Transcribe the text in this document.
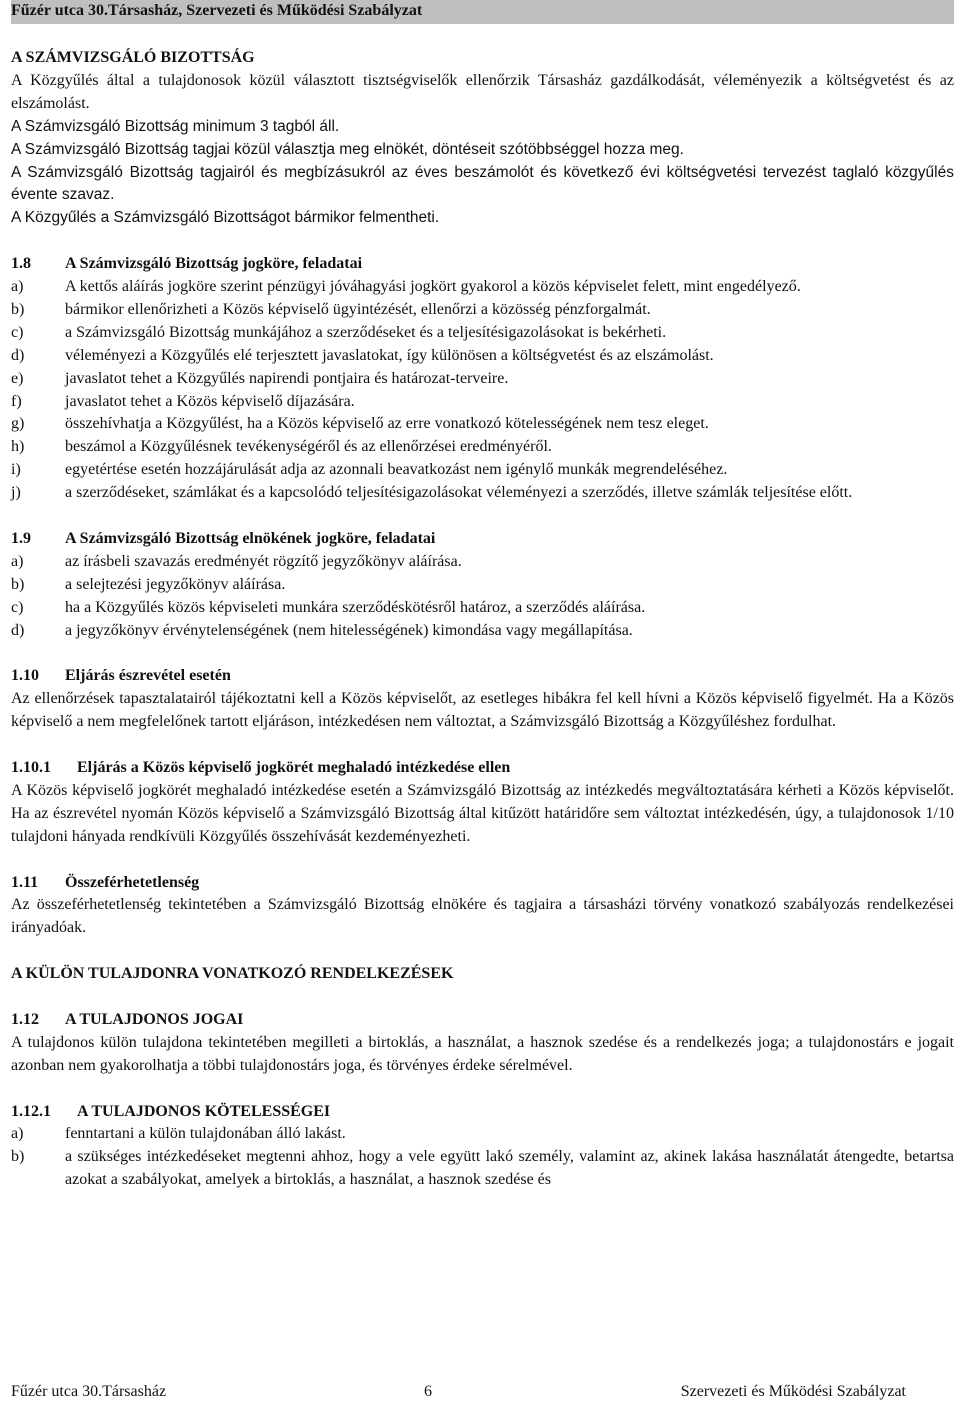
Fűzér utca 30.Társasház, Szervezeti és Működési Szabályzat

A SZÁMVIZSGÁLÓ BIZOTTSÁG

A Közgyűlés által a tulajdonosok közül választott tisztségviselők ellenőrzik Társasház gazdálkodását, véleményezik a költségvetést és az elszámolást.

A Számvizsgáló Bizottság minimum 3 tagból áll.

A Számvizsgáló Bizottság tagjai közül választja meg elnökét, döntéseit szótöbbséggel hozza meg.

A Számvizsgáló Bizottság tagjairól és megbízásukról az éves beszámolót és következő évi költségvetési tervezést taglaló közgyűlés évente szavaz.

A Közgyűlés a Számvizsgáló Bizottságot bármikor felmentheti.

1.8	A Számvizsgáló Bizottság jogköre, feladatai
a)	A kettős aláírás jogköre szerint pénzügyi jóváhagyási jogkört gyakorol a közös képviselet felett, mint engedélyező.
b)	bármikor ellenőrizheti a Közös képviselő ügyintézését, ellenőrzi a közösség pénzforgalmát.
c)	a Számvizsgáló Bizottság munkájához a szerződéseket és a teljesítésigazolásokat is bekérheti.
d)	véleményezi a Közgyűlés elé terjesztett javaslatokat, így különösen a költségvetést és az elszámolást.
e)	javaslatot tehet a Közgyűlés napirendi pontjaira és határozat-terveire.
f)	javaslatot tehet a Közös képviselő díjazására.
g)	összehívhatja a Közgyűlést, ha a Közös képviselő az erre vonatkozó kötelességének nem tesz eleget.
h)	beszámol a Közgyűlésnek tevékenységéről és az ellenőrzései eredményéről.
i)	egyetértése esetén hozzájárulását adja az azonnali beavatkozást nem igénylő munkák megrendeléséhez.
j)	a szerződéseket, számlákat és a kapcsolódó teljesítésigazolásokat véleményezi a szerződés, illetve számlák teljesítése előtt.
1.9	A Számvizsgáló Bizottság elnökének jogköre, feladatai
a)	az írásbeli szavazás eredményét rögzítő jegyzőkönyv aláírása.
b)	a selejtezési jegyzőkönyv aláírása.
c)	ha a Közgyűlés közös képviseleti munkára szerződéskötésről határoz, a szerződés aláírása.
d)	a jegyzőkönyv érvénytelenségének (nem hitelességének) kimondása vagy megállapítása.
1.10	Eljárás észrevétel esetén

Az ellenőrzések tapasztalatairól tájékoztatni kell a Közös képviselőt, az esetleges hibákra fel kell hívni a Közös képviselő figyelmét. Ha a Közös képviselő a nem megfelelőnek tartott eljáráson, intézkedésen nem változtat, a Számvizsgáló Bizottság a Közgyűléshez fordulhat.

1.10.1	Eljárás a Közös képviselő jogkörét meghaladó intézkedése ellen

A Közös képviselő jogkörét meghaladó intézkedése esetén a Számvizsgáló Bizottság az intézkedés megváltoztatására kérheti a Közös képviselőt. Ha az észrevétel nyomán Közös képviselő a Számvizsgáló Bizottság által kitűzött határidőre sem változtat intézkedésén, úgy, a tulajdonosok 1/10 tulajdoni hányada rendkívüli Közgyűlés összehívását kezdeményezheti.

1.11	Összeférhetetlenség

Az összeférhetetlenség tekintetében a Számvizsgáló Bizottság elnökére és tagjaira a társasházi törvény vonatkozó szabályozás rendelkezései irányadóak.

A KÜLÖN TULAJDONRA VONATKOZÓ RENDELKEZÉSEK

1.12	A TULAJDONOS JOGAI

A tulajdonos külön tulajdona tekintetében megilleti a birtoklás, a használat, a hasznok szedése és a rendelkezés joga; a tulajdonostárs e jogait azonban nem gyakorolhatja a többi tulajdonostárs joga, és törvényes érdeke sérelmével.

1.12.1	A TULAJDONOS KÖTELESSÉGEI
a)	fenntartani a külön tulajdonában álló lakást.
b)	a szükséges intézkedéseket megtenni ahhoz, hogy a vele együtt lakó személy, valamint az, akinek lakása használatát átengedte, betartsa azokat a szabályokat, amelyek a birtoklás, a használat, a hasznok szedése és
Fűzér utca 30.Társasház	6	Szervezeti és Működési Szabályzat
